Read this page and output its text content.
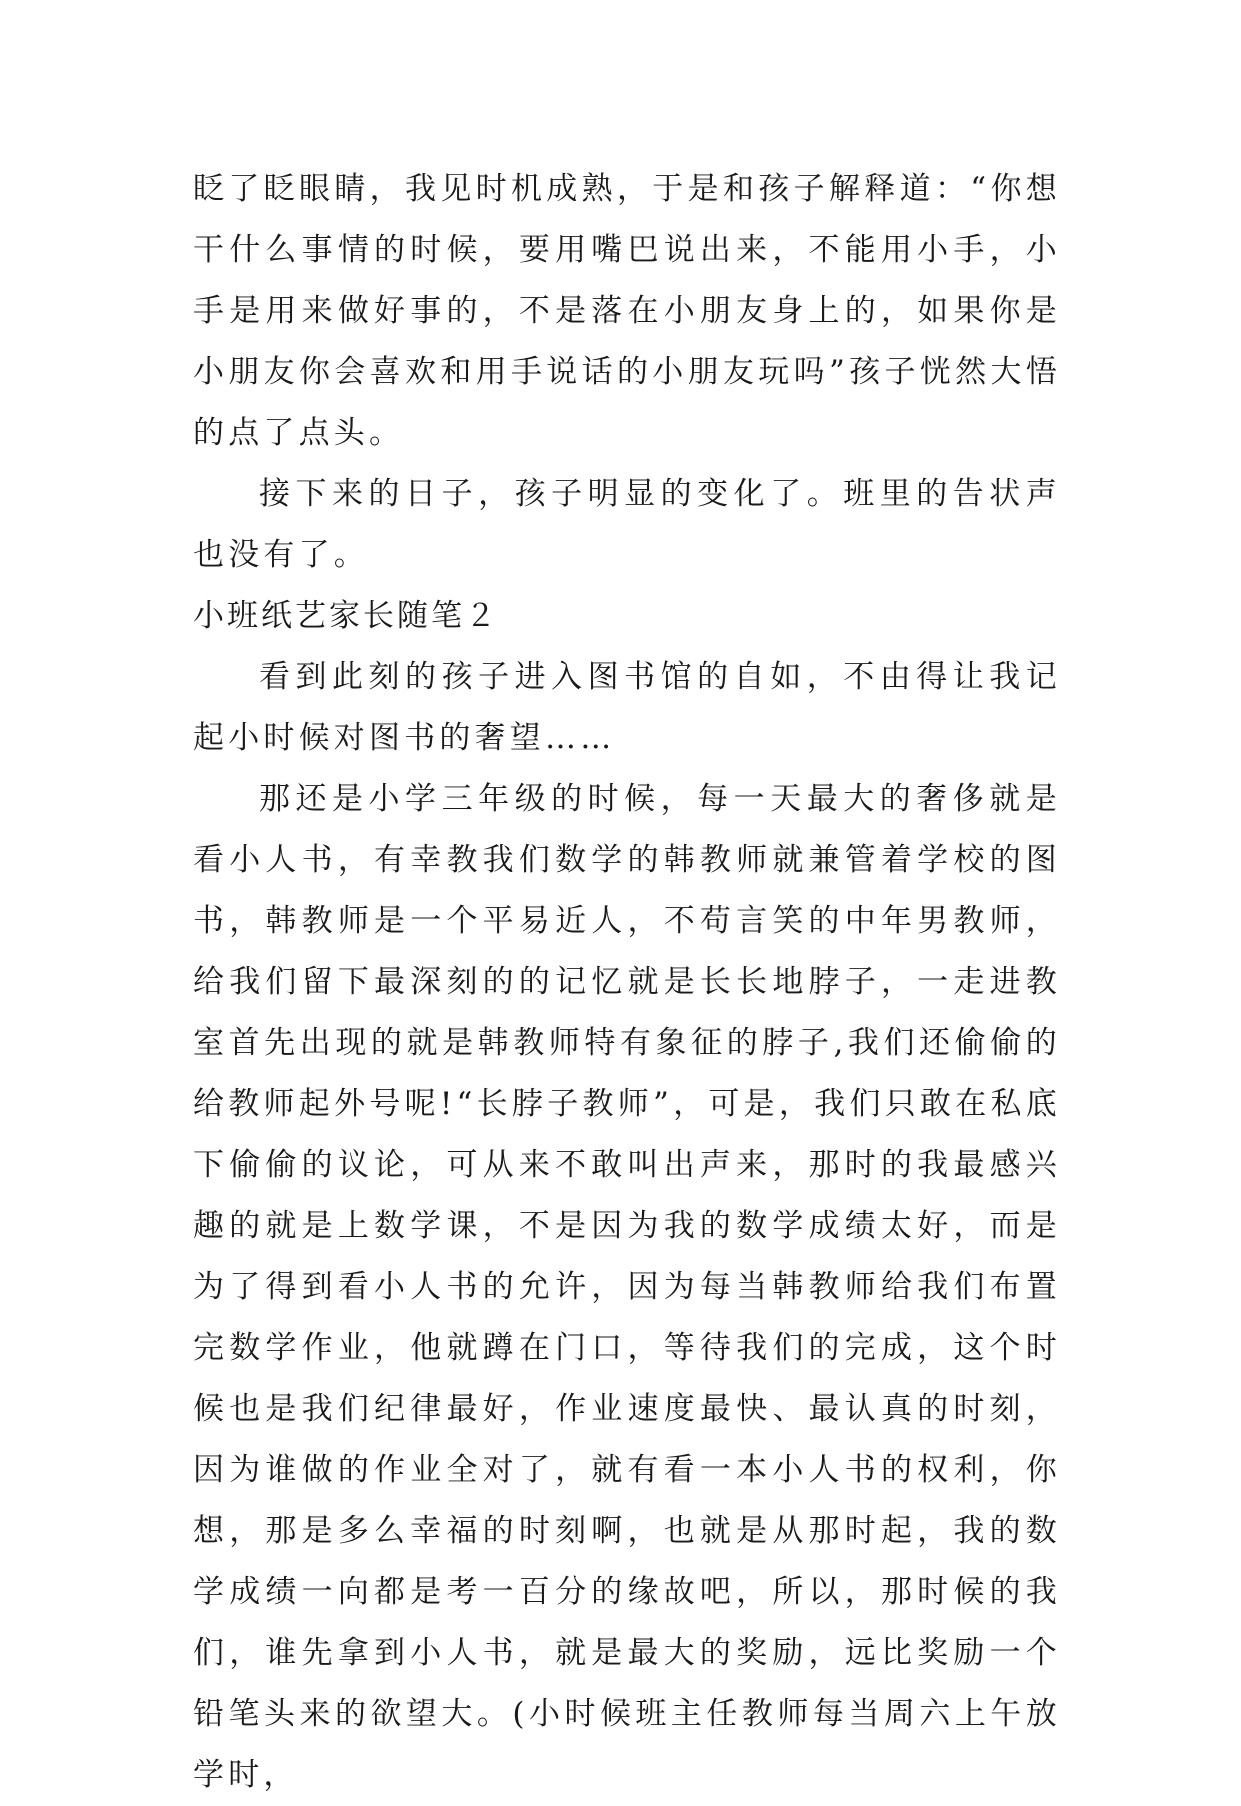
眨了眨眼睛，我见时机成熟，于是和孩子解释道：“你想干什么事情的时候，要用嘴巴说出来，不能用小手，小手是用来做好事的，不是落在小朋友身上的，如果你是小朋友你会喜欢和用手说话的小朋友玩吗”孩子恍然大悟的点了点头。

接下来的日子，孩子明显的变化了。班里的告状声也没有了。

小班纸艺家长随笔２

看到此刻的孩子进入图书馆的自如，不由得让我记起小时候对图书的奢望……

那还是小学三年级的时候，每一天最大的奢侈就是看小人书，有幸教我们数学的韩教师就兼管着学校的图书，韩教师是一个平易近人，不苟言笑的中年男教师，给我们留下最深刻的的记忆就是长长地脖子，一走进教室首先出现的就是韩教师特有象征的脖子,我们还偷偷的给教师起外号呢!“长脖子教师”，可是，我们只敢在私底下偷偷的议论，可从来不敢叫出声来，那时的我最感兴趣的就是上数学课，不是因为我的数学成绩太好，而是为了得到看小人书的允许，因为每当韩教师给我们布置完数学作业，他就蹲在门口，等待我们的完成，这个时候也是我们纪律最好，作业速度最快、最认真的时刻，因为谁做的作业全对了，就有看一本小人书的权利，你想，那是多么幸福的时刻啊，也就是从那时起，我的数学成绩一向都是考一百分的缘故吧，所以，那时候的我们，谁先拿到小人书，就是最大的奖励，远比奖励一个铅笔头来的欲望大。(小时候班主任教师每当周六上午放学时，
